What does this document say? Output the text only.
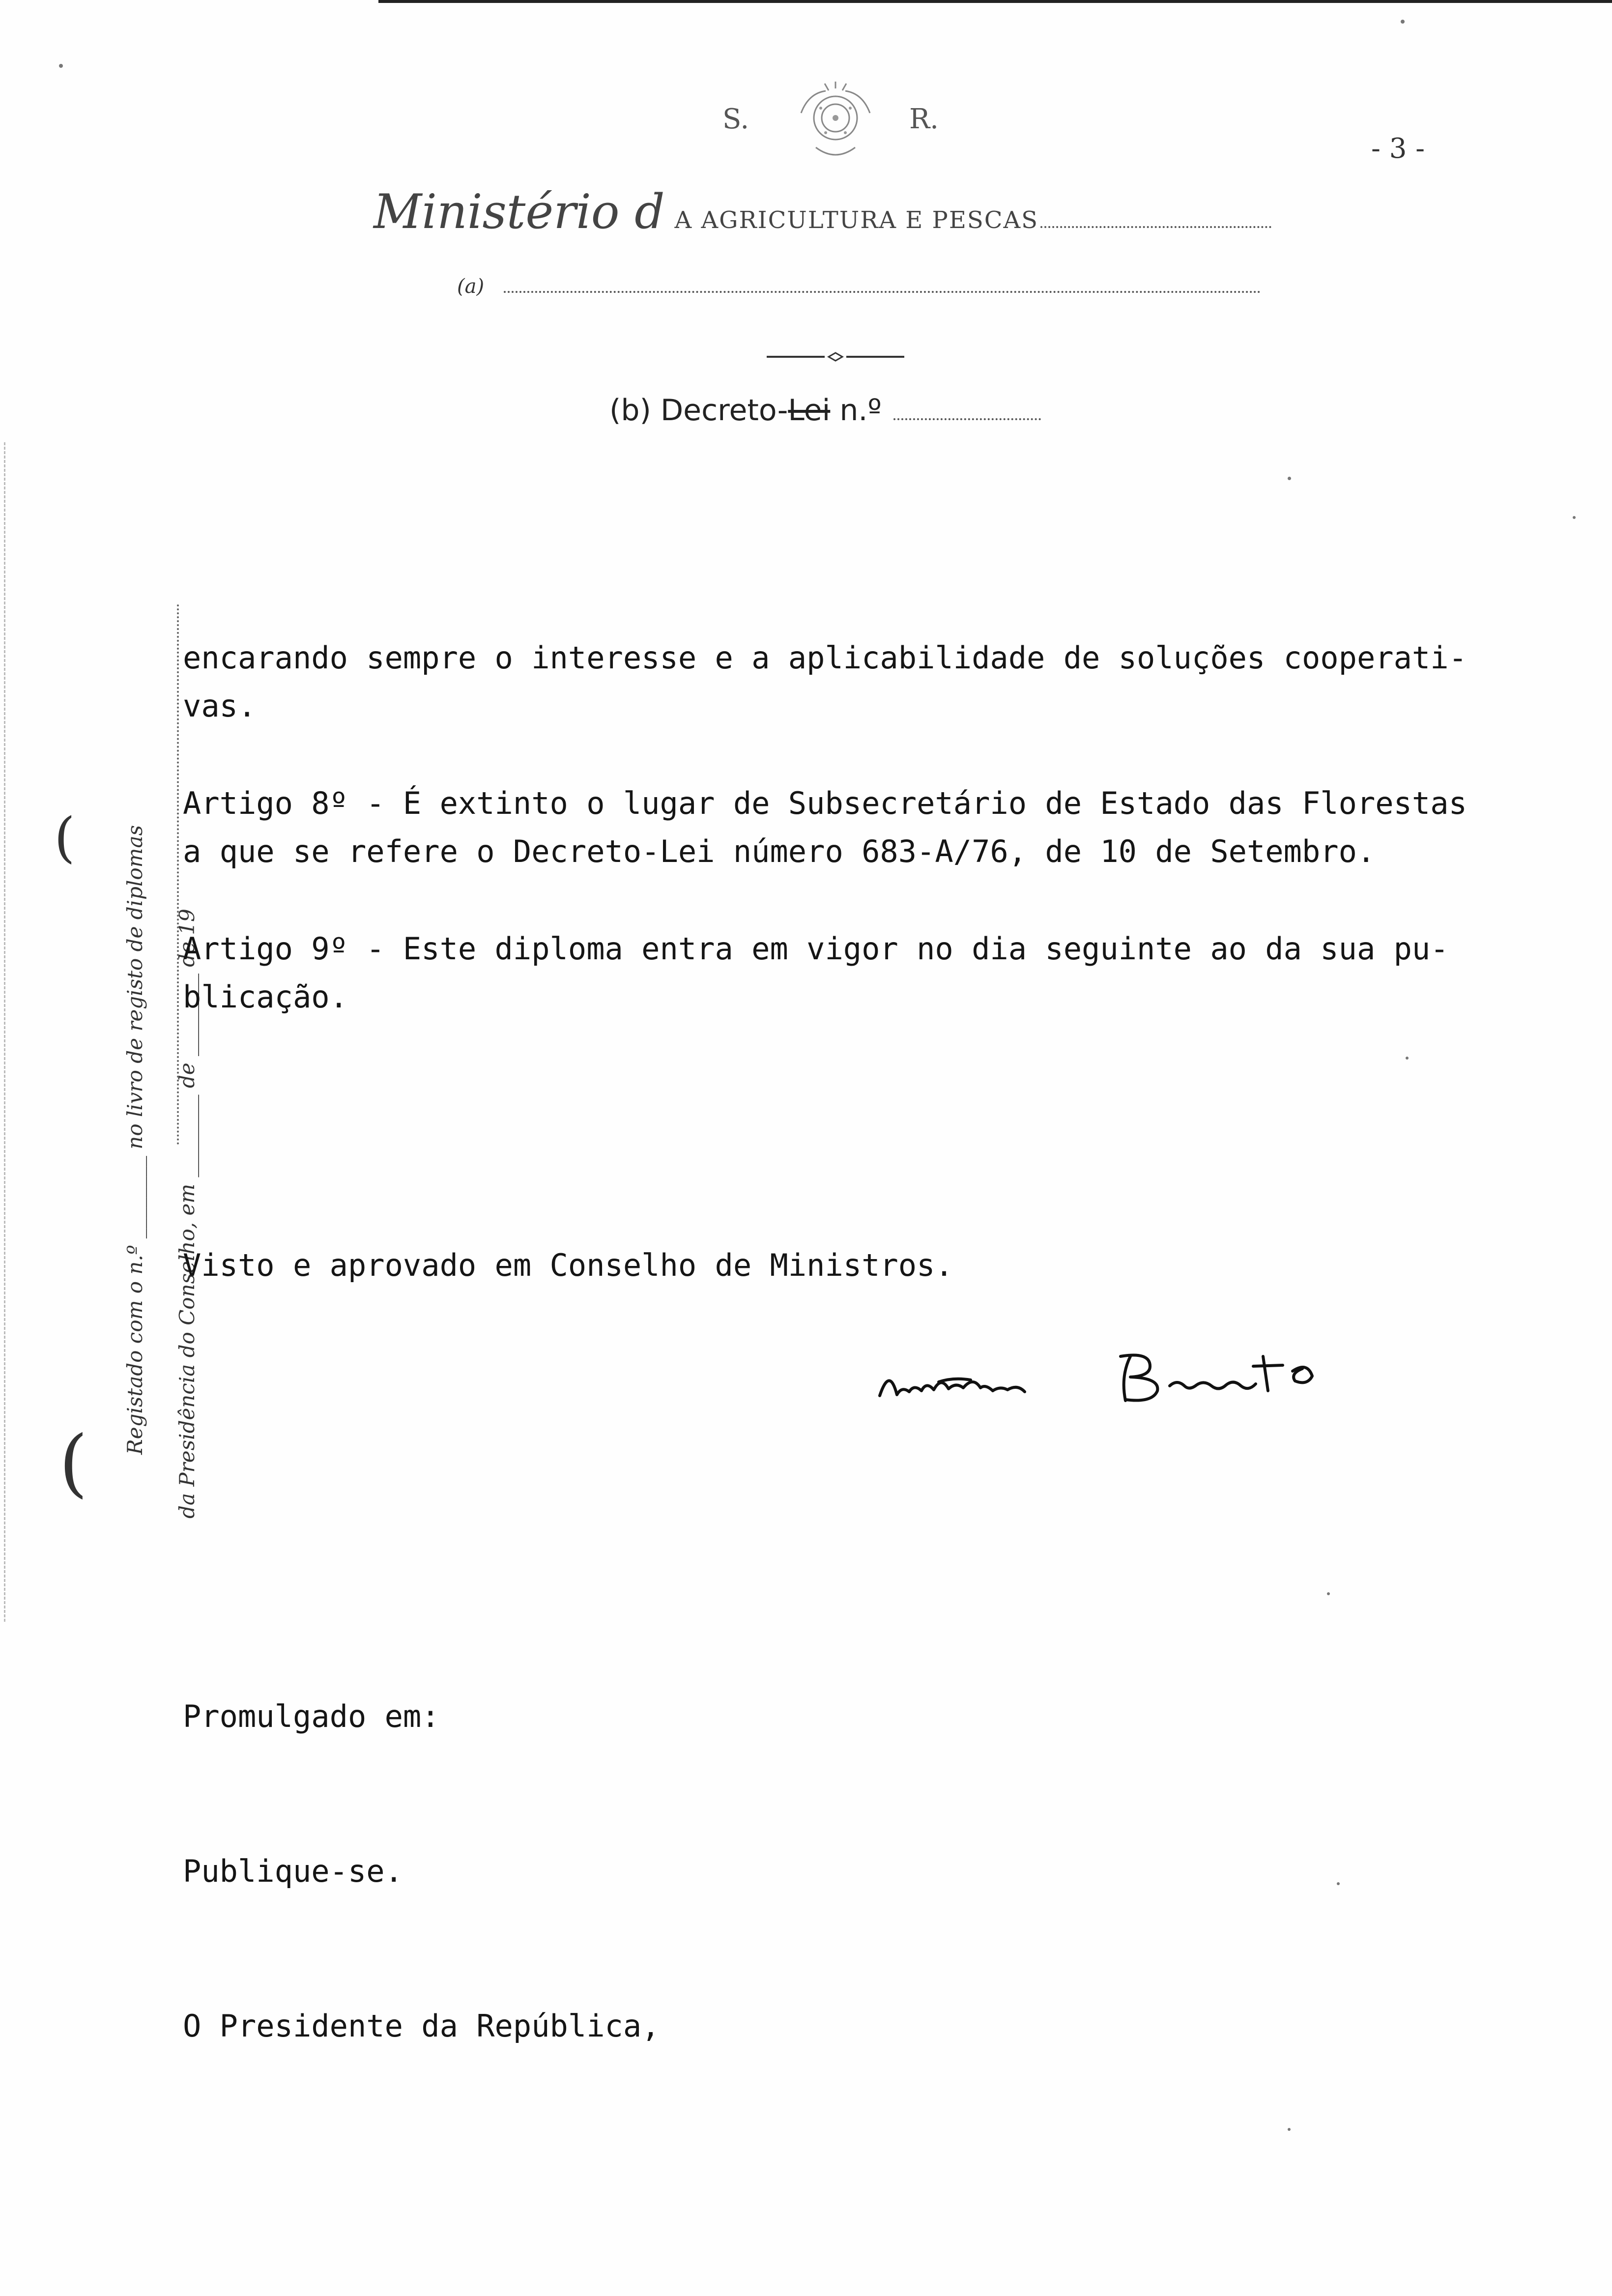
S.	R.
- 3 -
Ministério d A AGRICULTURA E PESCAS
(a)
(b) Decreto-Lei n.º
(
( Registado com o n.º ________ no livro de registo de diplomas da Presidência do Conselho, em ________ de ________ de 19

encarando sempre o interesse e a aplicabilidade de soluções cooperati-
vas.

Artigo 8º - É extinto o lugar de Subsecretário de Estado das Florestas
a que se refere o Decreto-Lei número 683-A/76, de 10 de Setembro.

Artigo 9º - Este diploma entra em vigor no dia seguinte ao da sua pu-
blicação.

Visto e aprovado em Conselho de Ministros.

Promulgado em:

Publique-se.

O Presidente da República,
